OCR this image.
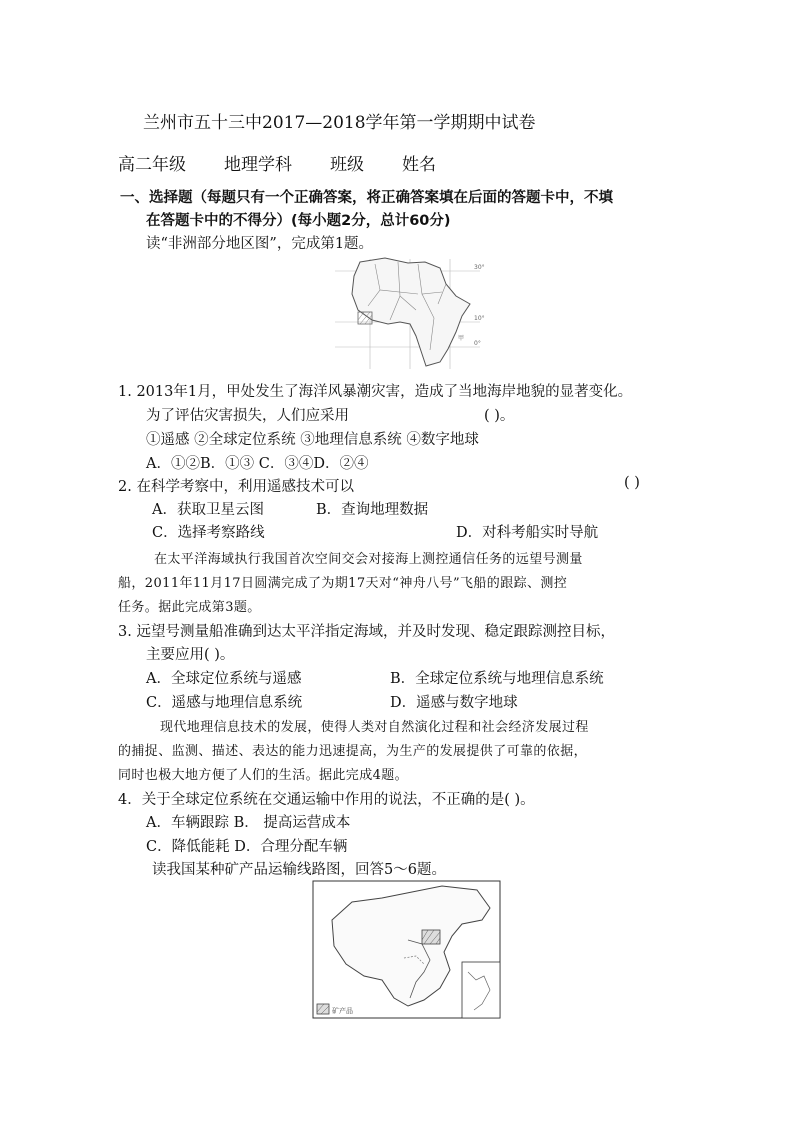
兰州市五十三中2017—2018学年第一学期期中试卷
高二年级 地理学科 班级 姓名
一、选择题（每题只有一个正确答案，将正确答案填在后面的答题卡中，不填
在答题卡中的不得分）(每小题2分，总计60分)
读“非洲部分地区图”，完成第1题。
30°
10°
甲
0°
1. 2013年1月，甲处发生了海洋风暴潮灾害，造成了当地海岸地貌的显著变化。
为了评估灾害损失，人们应采用	( )。
①遥感 ②全球定位系统 ③地理信息系统 ④数字地球
A．①②B．①③ C．③④D．②④
2. 在科学考察中，利用遥感技术可以	( )
A．获取卫星云图	B．查询地理数据
C．选择考察路线	D．对科考船实时导航
在太平洋海域执行我国首次空间交会对接海上测控通信任务的远望号测量
船，2011年11月17日圆满完成了为期17天对“神舟八号”飞船的跟踪、测控
任务。据此完成第3题。
3. 远望号测量船准确到达太平洋指定海域，并及时发现、稳定跟踪测控目标，
主要应用( )。
A．全球定位系统与遥感	B．全球定位系统与地理信息系统
C．遥感与地理信息系统	D．遥感与数字地球
现代地理信息技术的发展，使得人类对自然演化过程和社会经济发展过程
的捕捉、监测、描述、表达的能力迅速提高，为生产的发展提供了可靠的依据，
同时也极大地方便了人们的生活。据此完成4题。
4．关于全球定位系统在交通运输中作用的说法，不正确的是( )。
A．车辆跟踪 B． 提高运营成本
C．降低能耗 D．合理分配车辆
读我国某种矿产品运输线路图，回答5～6题。
矿产品
